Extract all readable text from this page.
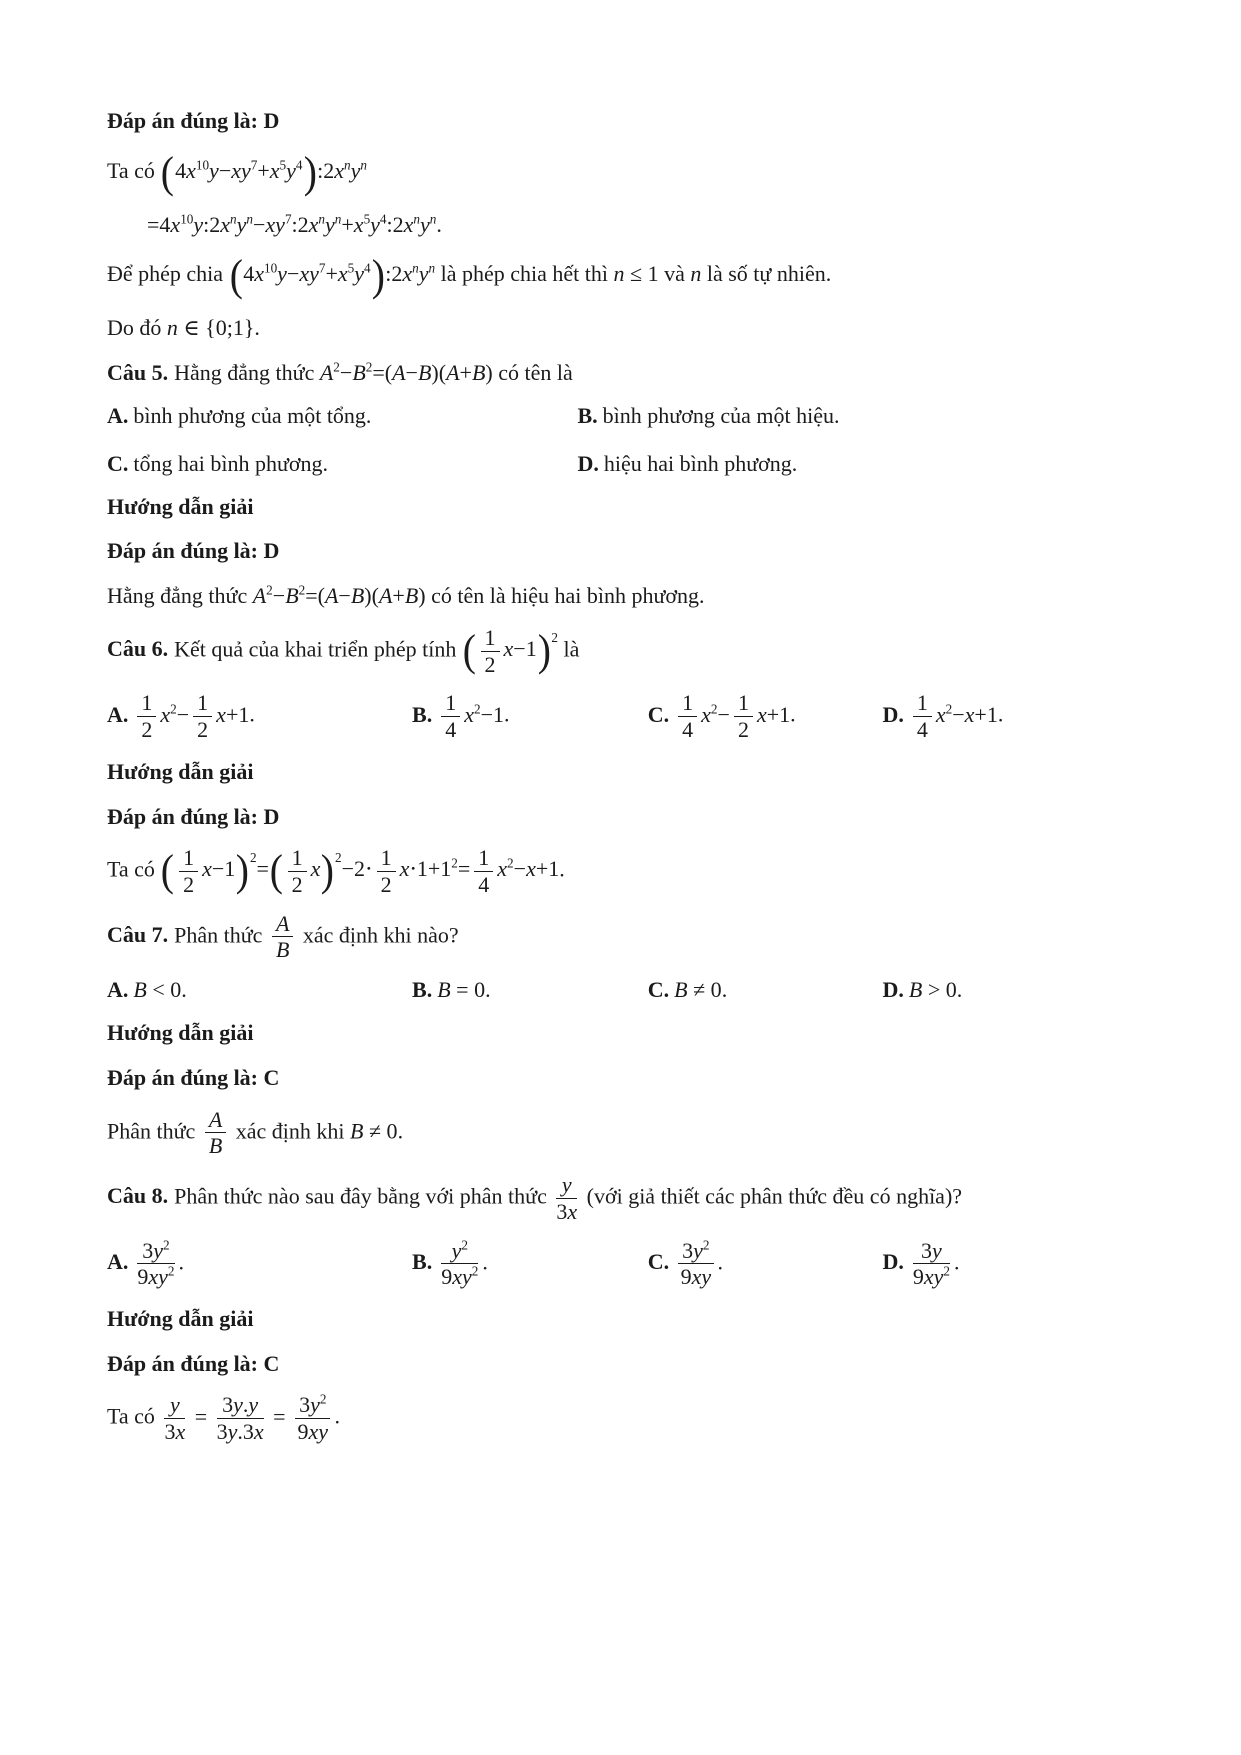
Đáp án đúng là: D

Ta có $(4x^{10}y-xy^7+x^5y^4):2x^ny^n$

$=4x^{10}y:2x^ny^n-xy^7:2x^ny^n+x^5y^4:2x^ny^n$.

Để phép chia $(4x^{10}y-xy^7+x^5y^4):2x^ny^n$ là phép chia hết thì n ≤ 1 và n là số tự nhiên.

Do đó n ∈ {0;1}.

Câu 5. Hằng đẳng thức $A^2-B^2=(A-B)(A+B)$ có tên là

A. bình phương của một tổng.	B. bình phương của một hiệu.
C. tổng hai bình phương.	D. hiệu hai bình phương.

Hướng dẫn giải

Đáp án đúng là: D

Hằng đẳng thức $A^2-B^2=(A-B)(A+B)$ có tên là hiệu hai bình phương.

Câu 6. Kết quả của khai triển phép tính ( $\frac{1}{2} x-1)^2$ là

A. $\frac{1}{2} x^2- \frac{1}{2} x+1$.	B. $\frac{1}{4} x^2-1$.	C. $\frac{1}{4} x^2- \frac{1}{2} x+1$.	D. $\frac{1}{4} x^2-x+1$.

Hướng dẫn giải

Đáp án đúng là: D

Ta có ( $\frac{1}{2} x-1)^2=( \frac{1}{2} x)^2-2\cdot \frac{1}{2} x\cdot 1+1^2= \frac{1}{4} x^2-x+1$.

Câu 7. Phân thức $\frac{A}{B}$ xác định khi nào?

A. B < 0.	B. B = 0.	C. B ≠ 0.	D. B > 0.

Hướng dẫn giải

Đáp án đúng là: C

Phân thức $\frac{A}{B}$ xác định khi B ≠ 0.

Câu 8. Phân thức nào sau đây bằng với phân thức $\frac{y}{3x}$ (với giả thiết các phân thức đều có nghĩa)?

A. $\frac{3y^2}{9xy^2}$ .	B. $\frac{y^2}{9xy^2}$ .	C. $\frac{3y^2}{9xy}$ .	D. $\frac{3y}{9xy^2}$ .

Hướng dẫn giải

Đáp án đúng là: C

Ta có $\frac{y}{3x} = \frac{3y.y}{3y.3x} = \frac{3y^2}{9xy}$ .
